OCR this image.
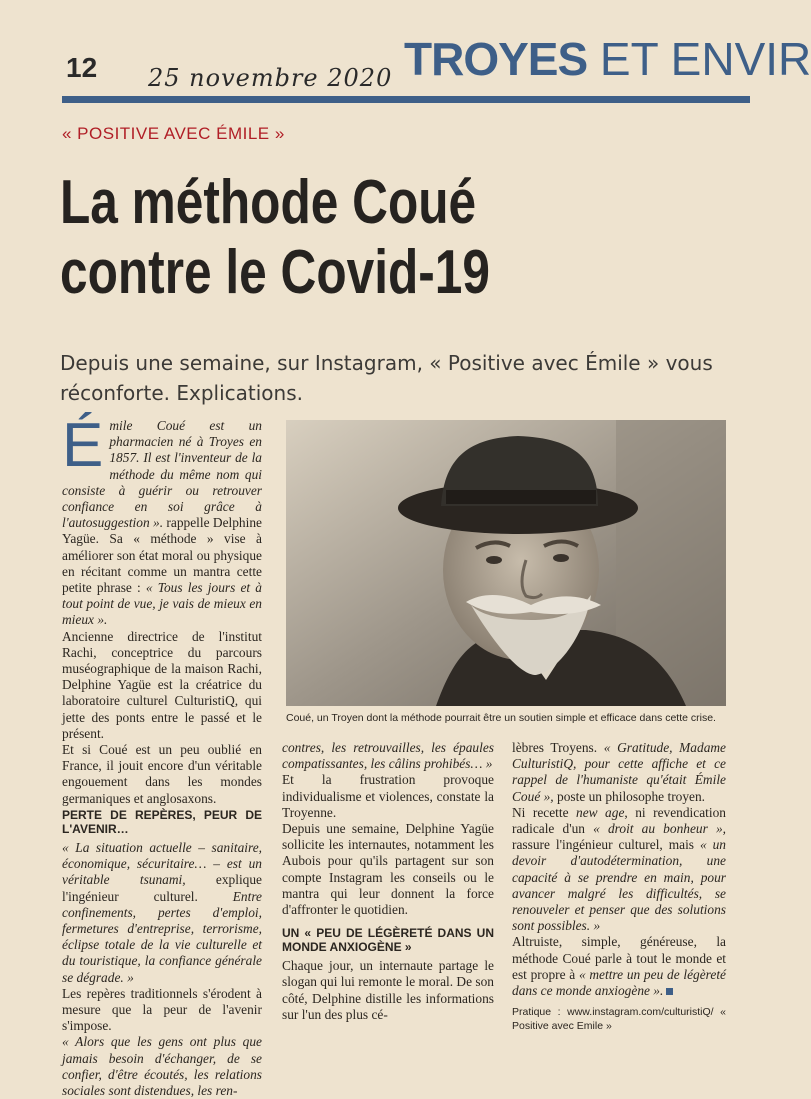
12 25 novembre 2020 TROYES ET ENVIR
« POSITIVE AVEC ÉMILE »
La méthode Coué
contre le Covid-19

Depuis une semaine, sur Instagram, « Positive avec Émile » vous réconforte. Explications.

Émile Coué est un pharmacien né à Troyes en 1857. Il est l'inventeur de la méthode du même nom qui consiste à guérir ou retrouver confiance en soi grâce à l'autosuggestion ». rappelle Delphine Yagüe. Sa « méthode » vise à améliorer son état moral ou physique en récitant comme un mantra cette petite phrase : « Tous les jours et à tout point de vue, je vais de mieux en mieux ».

Ancienne directrice de l'institut Rachi, conceptrice du parcours muséographique de la maison Rachi, Delphine Yagüe est la créatrice du laboratoire culturel CulturistiQ, qui jette des ponts entre le passé et le présent.

Et si Coué est un peu oublié en France, il jouit encore d'un véritable engouement dans les mondes germaniques et anglosaxons.

PERTE DE REPÈRES, PEUR DE L'AVENIR…

« La situation actuelle – sanitaire, économique, sécuritaire… – est un véritable tsunami, explique l'ingénieur culturel. Entre confinements, pertes d'emploi, fermetures d'entreprise, terrorisme, éclipse totale de la vie culturelle et du touristique, la confiance générale se dégrade. »

Les repères traditionnels s'érodent à mesure que la peur de l'avenir s'impose.

« Alors que les gens ont plus que jamais besoin d'échanger, de se confier, d'être écoutés, les relations sociales sont distendues, les ren-

Coué, un Troyen dont la méthode pourrait être un soutien simple et efficace dans cette crise.

contres, les retrouvailles, les épaules compatissantes, les câlins prohibés… »

Et la frustration provoque individualisme et violences, constate la Troyenne.

Depuis une semaine, Delphine Yagüe sollicite les internautes, notamment les Aubois pour qu'ils partagent sur son compte Instagram les conseils ou le mantra qui leur donnent la force d'affronter le quotidien.

UN « PEU DE LÉGÈRETÉ DANS UN MONDE ANXIOGÈNE »

Chaque jour, un internaute partage le slogan qui lui remonte le moral. De son côté, Delphine distille les informations sur l'un des plus cé-

lèbres Troyens. « Gratitude, Madame CulturistiQ, pour cette affiche et ce rappel de l'humaniste qu'était Émile Coué », poste un philosophe troyen.

Ni recette new age, ni revendication radicale d'un « droit au bonheur », rassure l'ingénieur culturel, mais « un devoir d'autodétermination, une capacité à se prendre en main, pour avancer malgré les difficultés, se renouveler et penser que des solutions sont possibles. »

Altruiste, simple, généreuse, la méthode Coué parle à tout le monde et est propre à « mettre un peu de légèreté dans ce monde anxiogène ».

Pratique : www.instagram.com/culturistiQ/ « Positive avec Emile »
